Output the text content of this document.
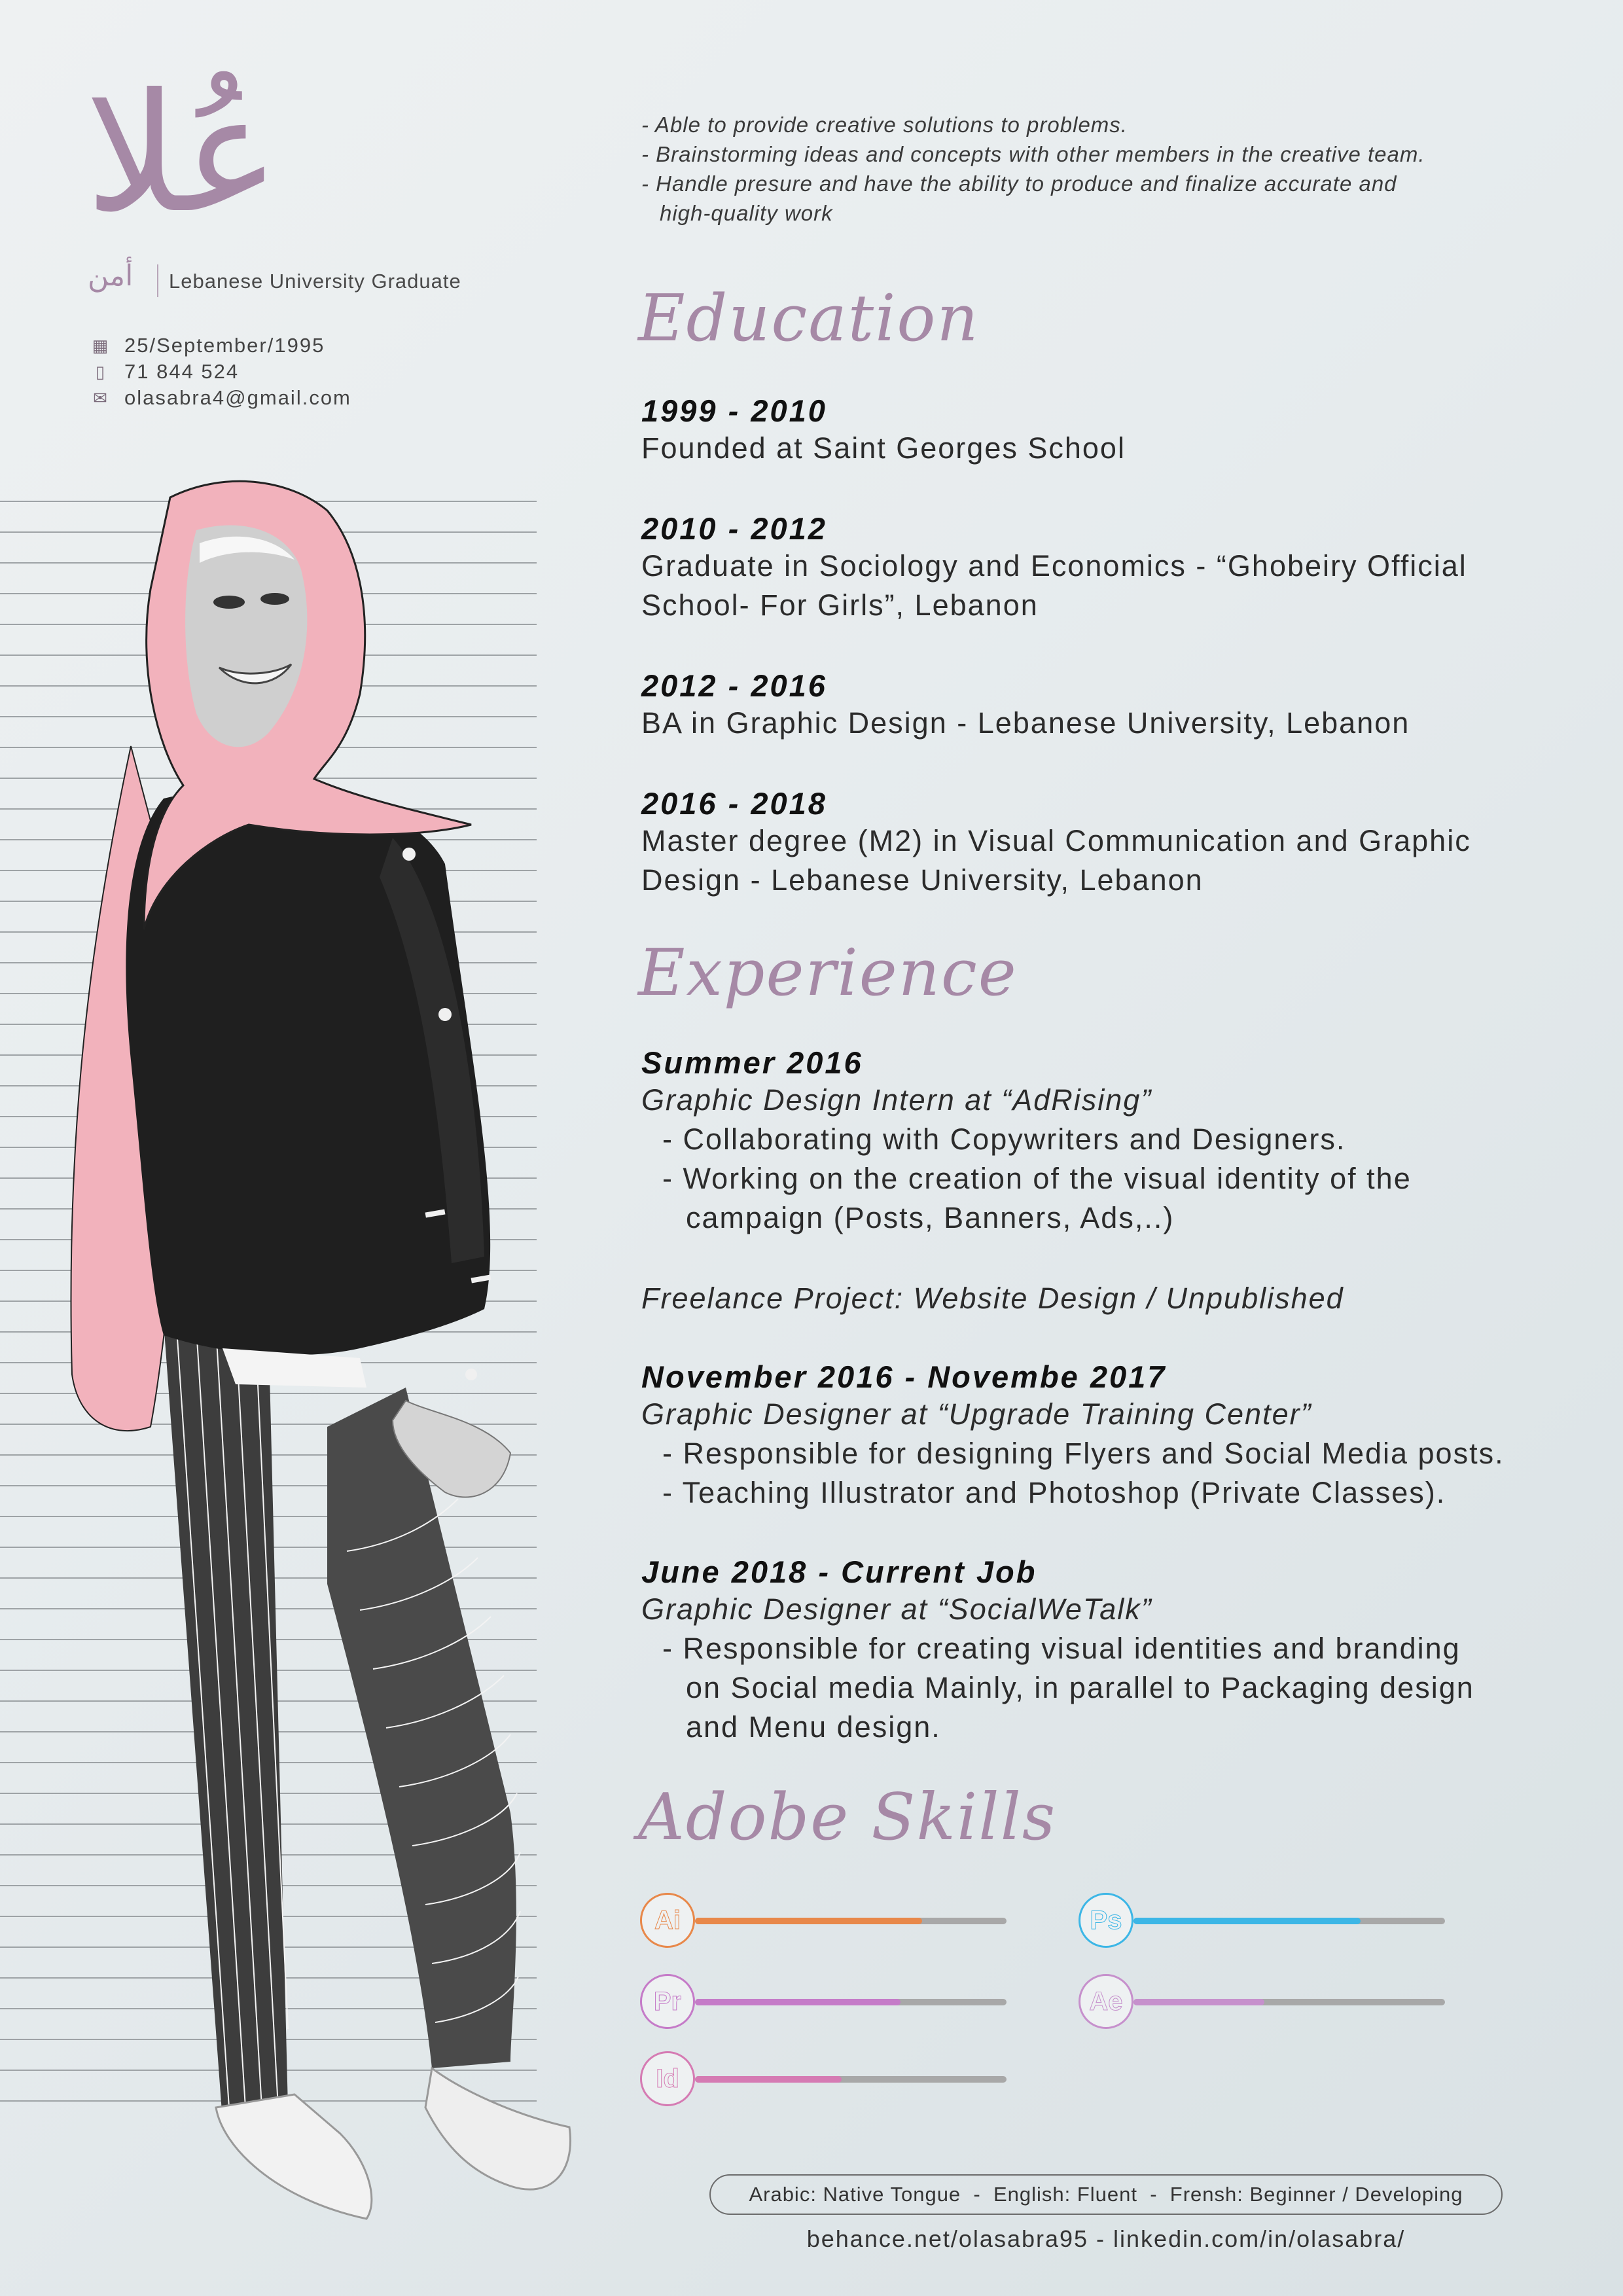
عُلا
أمن Lebanese University Graduate
▦ 25/September/1995
▯ 71 844 524
✉ olasabra4@gmail.com
- Able to provide creative solutions to problems.
- Brainstorming ideas and concepts with other members in the creative team.
- Handle presure and have the ability to produce and finalize accurate and
high-quality work
Education
1999 - 2010
Founded at Saint Georges School
2010 - 2012
Graduate in Sociology and Economics - “Ghobeiry Official
School- For Girls”, Lebanon
2012 - 2016
BA in Graphic Design - Lebanese University, Lebanon
2016 - 2018
Master degree (M2) in Visual Communication and Graphic
Design - Lebanese University, Lebanon
Experience
Summer 2016
Graphic Design Intern at “AdRising”
- Collaborating with Copywriters and Designers.
- Working on the creation of the visual identity of the
campaign (Posts, Banners, Ads,..)
Freelance Project: Website Design / Unpublished
November 2016 - Novembe 2017
Graphic Designer at “Upgrade Training Center”
- Responsible for designing Flyers and Social Media posts.
- Teaching Illustrator and Photoshop (Private Classes).
June 2018 - Current Job
Graphic Designer at “SocialWeTalk”
- Responsible for creating visual identities and branding
on Social media Mainly, in parallel to Packaging design
and Menu design.
Adobe Skills
Ai	Ps
Pr	Ae
Id
Arabic: Native Tongue  -  English: Fluent  -  Frensh: Beginner / Developing
behance.net/olasabra95 - linkedin.com/in/olasabra/
